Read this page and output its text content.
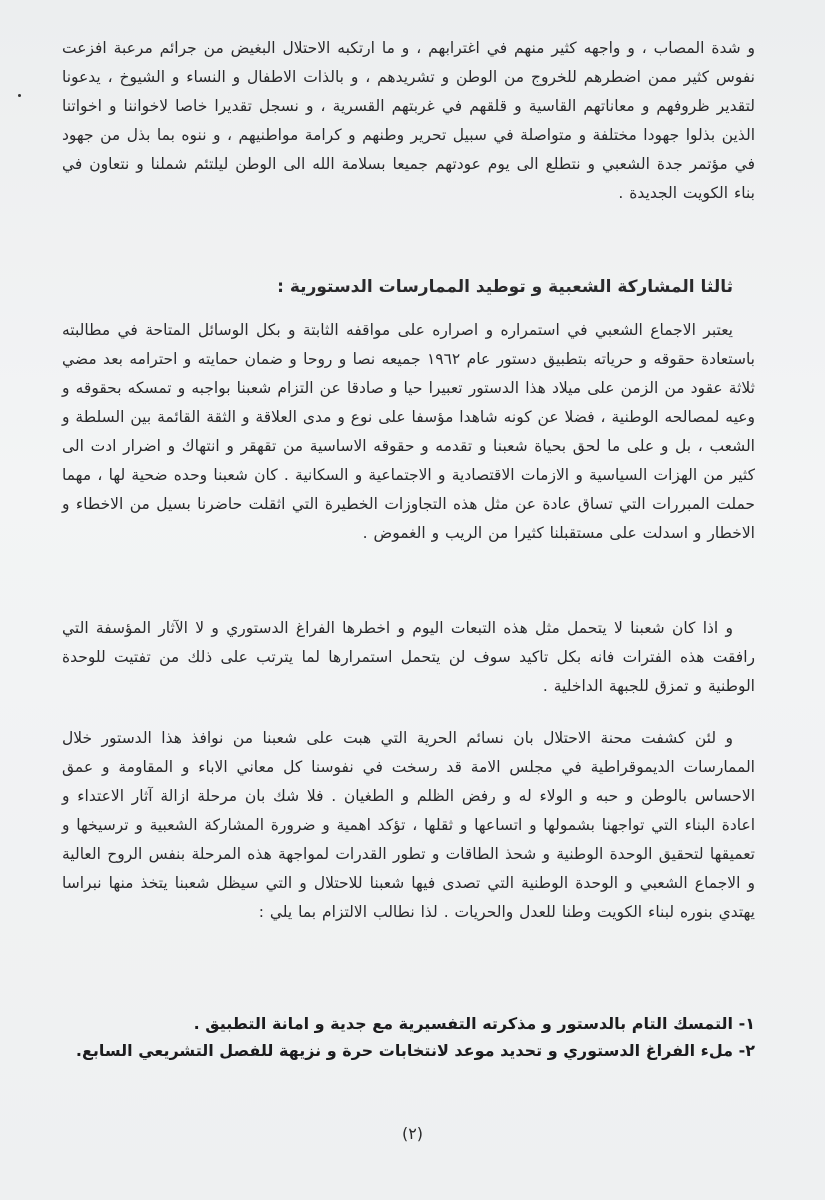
و شدة المصاب ، و واجهه كثير منهم في اغترابهم ، و ما ارتكبه الاحتلال البغيض من جرائم مرعبة افزعت نفوس كثير ممن اضطرهم للخروج من الوطن و تشريدهم ، و بالذات الاطفال و النساء و الشيوخ ، يدعونا لتقدير ظروفهم و معاناتهم القاسية و قلقهم في غربتهم القسرية ، و نسجل تقديرا خاصا لاخواننا و اخواتنا الذين بذلوا جهودا مختلفة و متواصلة في سبيل تحرير وطنهم و كرامة مواطنيهم ، و ننوه بما بذل من جهود في مؤتمر جدة الشعبي و نتطلع الى يوم عودتهم جميعا بسلامة الله الى الوطن ليلتئم شملنا و نتعاون في بناء الكويت الجديدة .

ثالثا المشاركة الشعبية و توطيد الممارسات الدستورية :

يعتبر الاجماع الشعبي في استمراره و اصراره على مواقفه الثابتة و بكل الوسائل المتاحة في مطالبته باستعادة حقوقه و حرياته بتطبيق دستور عام ١٩٦٢ جميعه نصا و روحا و ضمان حمايته و احترامه بعد مضي ثلاثة عقود من الزمن على ميلاد هذا الدستور تعبيرا حيا و صادقا عن التزام شعبنا بواجبه و تمسكه بحقوقه و وعيه لمصالحه الوطنية ، فضلا عن كونه شاهدا مؤسفا على نوع و مدى العلاقة و الثقة القائمة بين السلطة و الشعب ، بل و على ما لحق بحياة شعبنا و تقدمه و حقوقه الاساسية من تقهقر و انتهاك و اضرار ادت الى كثير من الهزات السياسية و الازمات الاقتصادية و الاجتماعية و السكانية . كان شعبنا وحده ضحية لها ، مهما حملت المبررات التي تساق عادة عن مثل هذه التجاوزات الخطيرة التي اثقلت حاضرنا بسيل من الاخطاء و الاخطار و اسدلت على مستقبلنا كثيرا من الريب و الغموض .

و اذا كان شعبنا لا يتحمل مثل هذه التبعات اليوم و اخطرها الفراغ الدستوري و لا الآثار المؤسفة التي رافقت هذه الفترات فانه بكل تاكيد سوف لن يتحمل استمرارها لما يترتب على ذلك من تفتيت للوحدة الوطنية و تمزق للجبهة الداخلية .

و لئن كشفت محنة الاحتلال بان نسائم الحرية التي هبت على شعبنا من نوافذ هذا الدستور خلال الممارسات الديموقراطية في مجلس الامة قد رسخت في نفوسنا كل معاني الاباء و المقاومة و عمق الاحساس بالوطن و حبه و الولاء له و رفض الظلم و الطغيان . فلا شك بان مرحلة ازالة آثار الاعتداء و اعادة البناء التي تواجهنا بشمولها و اتساعها و ثقلها ، تؤكد اهمية و ضرورة المشاركة الشعبية و ترسيخها و تعميقها لتحقيق الوحدة الوطنية و شحذ الطاقات و تطور القدرات لمواجهة هذه المرحلة بنفس الروح العالية و الاجماع الشعبي و الوحدة الوطنية التي تصدى فيها شعبنا للاحتلال و التي سيظل شعبنا يتخذ منها نبراسا يهتدي بنوره لبناء الكويت وطنا للعدل والحريات . لذا نطالب الالتزام بما يلي :

١- التمسك التام بالدستور و مذكرته التفسيرية مع جدية و امانة التطبيق .

٢- ملء الفراغ الدستوري و تحديد موعد لانتخابات حرة و نزيهة للفصل التشريعي السابع.

(٢)
